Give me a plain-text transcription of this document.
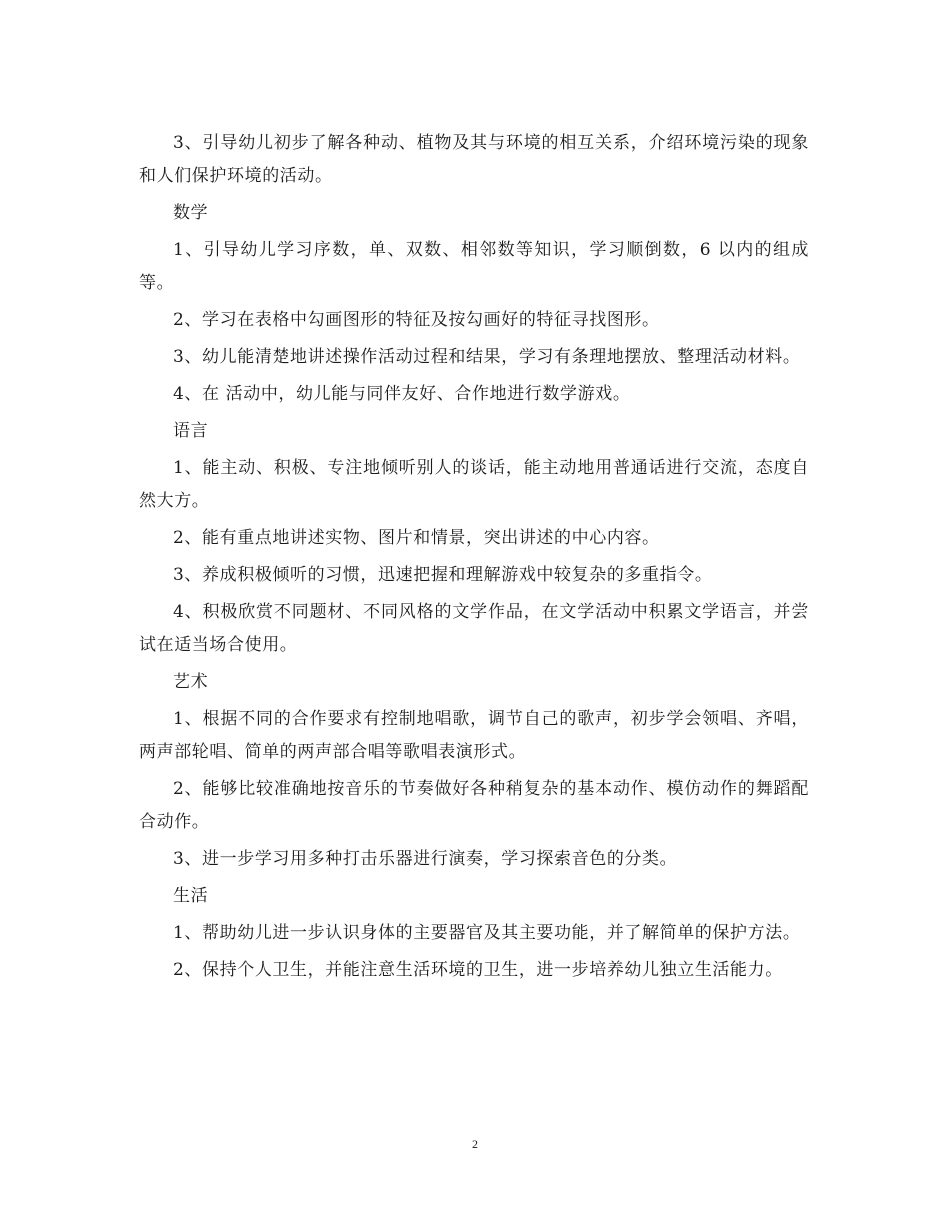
3、引导幼儿初步了解各种动、植物及其与环境的相互关系，介绍环境污染的现象和人们保护环境的活动。

数学

1、引导幼儿学习序数，单、双数、相邻数等知识，学习顺倒数，6 以内的组成等。

2、学习在表格中勾画图形的特征及按勾画好的特征寻找图形。

3、幼儿能清楚地讲述操作活动过程和结果，学习有条理地摆放、整理活动材料。

4、在 活动中，幼儿能与同伴友好、合作地进行数学游戏。

语言

1、能主动、积极、专注地倾听别人的谈话，能主动地用普通话进行交流，态度自然大方。

2、能有重点地讲述实物、图片和情景，突出讲述的中心内容。

3、养成积极倾听的习惯，迅速把握和理解游戏中较复杂的多重指令。

4、积极欣赏不同题材、不同风格的文学作品，在文学活动中积累文学语言，并尝试在适当场合使用。

艺术

1、根据不同的合作要求有控制地唱歌，调节自己的歌声，初步学会领唱、齐唱，两声部轮唱、简单的两声部合唱等歌唱表演形式。

2、能够比较准确地按音乐的节奏做好各种稍复杂的基本动作、模仿动作的舞蹈配合动作。

3、进一步学习用多种打击乐器进行演奏，学习探索音色的分类。

生活

1、帮助幼儿进一步认识身体的主要器官及其主要功能，并了解简单的保护方法。

2、保持个人卫生，并能注意生活环境的卫生，进一步培养幼儿独立生活能力。

2
